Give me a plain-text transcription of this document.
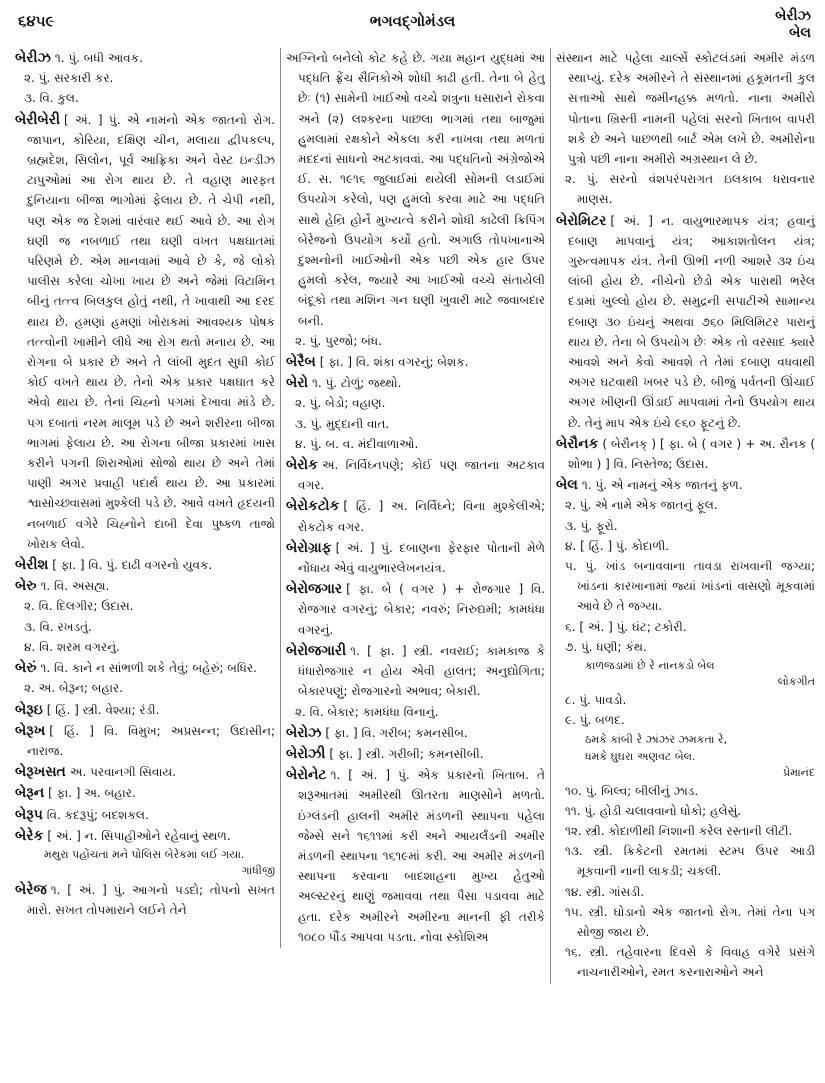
૬૪૫૯	ભગવદ્ગોમંડલ	બેરીઝ
બેલ
બેરીઝ ૧. પું. બધી આવક.
૨. પું. સરકારી કર.
૩. વિ. કુલ.
બેરીબેરી [ અં. ] પું. એ નામનો એક જાતનો રોગ. જાપાન, કોરિયા, દક્ષિણ ચીન, મલાયા દ્વીપકલ્પ, બ્રહ્મદેશ, સિલોન, પૂર્વ આફ્રિકા અને વેસ્ટ ઇન્ડીઝ ટાપુઓમાં આ રોગ થાય છે. તે વહાણ મારફત દુનિયાના બીજા ભાગોમાં ફેલાય છે. તે ચેપી નથી, પણ એક જ દેશમાં વારંવાર થઈ આવે છે. આ રોગ ઘણી જ નબળાઈ તથા ઘણી વખત પક્ષઘાતમાં પરિણમે છે. એમ માનવામાં આવે છે કે, જે લોકો પાલીસ કરેલા ચોખા ખાય છે અને જેમાં વિટામિન બીનું તત્ત્વ બિલકુલ હોતું નથી, તે ખાવાથી આ દરદ થાય છે. હમણાં હમણાં ખોરાકમાં આવશ્યક પોષક તત્ત્વોની ખામીને લીધે આ રોગ થતો મનાય છે. આ રોગના બે પ્રકાર છે અને તે લાંબી મુદત સુધી કોઈ કોઈ વખતે થાય છે. તેનો એક પ્રકાર પક્ષઘાત કરે એવો થાય છે. તેનાં ચિહ્નો પગમાં દેખાવા માંડે છે. પગ દબાતાં નરમ માલૂમ પડે છે અને શરીરના બીજા ભાગમાં ફેલાય છે. આ રોગના બીજા પ્રકારમાં ખાસ કરીને પગની શિરાઓમાં સોજો થાય છે અને તેમાં પાણી અગર પ્રવાહી પદાર્થ થાય છે. આ પ્રકારમાં શ્વાસોચ્છ્વાસમાં મુશ્કેલી પડે છે. આવે વખતે હૃદયની નબળાઈ વગેરે ચિહ્નોને દાબી દેવા પુષ્કળ તાજો ખોરાક લેવો.
બેરીશ [ ફા. ] વિ. પું. દાઢી વગરનો યુવક.
બેરુ ૧. વિ. અસહ્ય.
૨. વિ. દિલગીર; ઉદાસ.
૩. વિ. રખડતું.
૪. વિ. શરમ વગરનું.
બેરું ૧. વિ. કાને ન સાંભળી શકે તેવું; બહેરું; બધિર.
૨. અ. બેરૂન; બહાર.
બેરૂઇ [ હિં. ] સ્ત્રી. વેશ્યા; રંડી.
બેરૂખ [ હિં. ] વિ. વિમુખ; અપ્રસન્ન; ઉદાસીન; નારાજ.
બેરૂખસત અ. પરવાનગી સિવાય.
બેરૂન [ ફા. ] અ. બહાર.
બેરૂપ વિ. કદરૂપું; બદશકલ.
બેરેક [ અં. ] ન. સિપાહીઓને રહેવાનું સ્થળ.
મથુરા પહોંચતાં મને પોલિસ બેરેકમાં લઈ ગયા.
ગાંધીજી
બેરેજ ૧. [ અં. ] પું. આગનો પડદો; તોપનો સખત મારો. સખત તોપમારાને લઈને તેને
અગ્નિનો બનેલો કોટ કહે છે. ગયા મહાન યુદ્ધમાં આ પદ્ધતિ ફ્રેંચ સૈનિકોએ શોધી કાઢી હતી. તેના બે હેતુ છેઃ (૧) સામેની ખાઈઓ વચ્ચે શત્રુના ધસારાને રોકવા અને (૨) લશ્કરના પાછલા ભાગમાં તથા બાજુમાં હુમલામાં રક્ષકોને એકલા કરી નાખવા તથા મળતાં મદદનાં સાધનો અટકાવવાં. આ પદ્ધતિનો અંગ્રેજોએ ઈ. સ. ૧૯૧૬ જુલાઈમાં થયેલી સોમની લડાઈમાં ઉપયોગ કરેલો, પણ હુમલો કરવા માટે આ પદ્ધતિ સાથે હેન્રિ હોર્ને મુખ્યત્વે કરીને શોધી કાઢેલી ક્રિપિંગ બેરેજનો ઉપયોગ કર્યો હતો. અગાઉ તોપખાનાએ દુશ્મનોની ખાઈઓની એક પછી એક હાર ઉપર હુમલો કરેલ, જ્યારે આ ખાઈઓ વચ્ચે સંતાયેલી બંદૂકો તથા મશિન ગન ઘણી ખુવારી માટે જવાબદાર બની.
૨. પું. પુરજો; બંધ.
બેરૈબ [ ફા. ] વિ. શંકા વગરનું; બેશક.
બેરો ૧. પું. ટોળું; જથ્થો.
૨. પું. બેડો; વહાણ.
૩. પું. મુદ્દાની વાત.
૪. પું. બ. વ. મંદીવાળાઓ.
બેરોક અ. નિર્વિઘ્નપણે; કોઈ પણ જાતના અટકાવ વગર.
બેરોકટોક [ હિં. ] અ. નિર્વિઘ્ને; વિના મુશ્કેલીએ; રોકટોક વગર.
બેરોગ્રાફ [ અં. ] પું. દબાણના ફેરફાર પોતાની મેળે નોંધાય એવું વાયુભારલેખનયંત્ર.
બેરોજગાર [ ફા. બે ( વગર ) + રોજગાર ] વિ. રોજગાર વગરનું; બેકાર; નવરું; નિરુદ્યમી; કામધંધા વગરનું.
બેરોજગારી ૧. [ ફા. ] સ્ત્રી. નવરાઈ; કામકાજ કે ધંધારોજગાર ન હોય એવી હાલત; અનુદ્યોગિતા; બેકારપણું; રોજગારનો અભાવ; બેકારી.
૨. વિ. બેકાર; કામધંધા વિનાનું.
બેરોઝ [ ફા. ] વિ. ગરીબ; કમનસીબ.
બેરોઝી [ ફા. ] સ્ત્રી. ગરીબી; કમનસીબી.
બેરોનેટ ૧. [ અં. ] પું. એક પ્રકારનો ખિતાબ. તે શરૂઆતમાં અમીરથી ઊતરતા માણસોને મળતો. ઇંગ્લંડની હાલની અમીર મંડળની સ્થાપના પહેલા જેમ્સે સને ૧૬૧૧માં કરી અને આયર્લંડની અમીર મંડળની સ્થાપના ૧૬૧૯માં કરી. આ અમીર મંડળની સ્થાપના કરવાના બાદશાહના મુખ્ય હેતુઓ અલ્સ્ટરનું થાણું જમાવવા તથા પૈસા પડાવવા માટે હતા. દરેક અમીરને અમીરના માનની ફી તરીકે ૧૦૮૦ પૌંડ આપવા પડતા. નોવા સ્કોશિઅ
સંસ્થાન માટે પહેલા ચાર્લ્સે સ્કોટલંડમાં અમીર મંડળ સ્થાપ્યું. દરેક અમીરને તે સંસ્થાનમાં હકૂમતની કુલ સત્તાઓ સાથે જમીનહક્ક મળતો. નાના અમીરો પોતાના ખ્રિસ્તી નામની પહેલાં સરનો ખિતાબ વાપરી શકે છે અને પાછળથી બાર્ટ એમ લખે છે. અમીરોના પુત્રો પછી નાના અમીરો અગ્રસ્થાન લે છે.
૨. પું. સરનો વંશપરંપરાગત ઇલકાબ ધરાવનાર માણસ.
બેરોમિટર [ અં. ] ન. વાયુભારમાપક યંત્ર; હવાનું દબાણ માપવાનું યંત્ર; આકાશતોલન યંત્ર; ગુરુત્વમાપક યંત્ર. તેની ઊભી નળી આશરે ૩૨ ઇંચ લાંબી હોય છે. નીચેનો છેડો એક પારાથી ભરેલ દડામાં ખુલ્લો હોય છે. સમુદ્રની સપાટીએ સામાન્ય દબાણ ૩૦ ઇંચનું અથવા ૭૬૦ મિલિમિટર પારાનું થાય છે. તેના બે ઉપયોગ છેઃ એક તો વરસાદ ક્યારે આવશે અને કેવો આવશે તે તેમાં દબાણ વધવાથી અગર ઘટવાથી ખબર પડે છે. બીજું પર્વતની ઊંચાઈ અગર ખીણની ઊંડાઈ માપવામાં તેનો ઉપયોગ થાય છે. તેનું માપ એક ઇંચે ૯૬૦ ફૂટનું છે.
બેરૌનક ( બેરૌનક્ ) [ ફા. બે ( વગર ) + અ. રૌનક ( શોભા ) ] વિ. નિસ્તેજ; ઉદાસ.
બેલ ૧. પું. એ નામનું એક જાતનું ફળ.
૨. પું. એ નામે એક જાતનું ફૂલ.
૩. પું. ફૂરો.
૪. [ હિં. ] પું. કોદાળી.
૫. પું. ખાંડ બનાવવાના તાવડા રાખવાની જગ્યા; ખાંડના કારખાનામાં જ્યાં ખાંડનાં વાસણો મૂકવામાં આવે છે તે જગ્યા.
૬. [ અં. ] પું. ઘંટ; ટકોરી.
૭. પું. ધણી; કંથ.
કાળજડામાં છે રે નાનકડો બેલ
લોકગીત
૮. પું. પાવડો.
૯. પું. બળદ.
ઠમકે કાંબી રે ઝાંઝર ઝમકતા રે,
ધમકે ઘુઘરા અણવટ બેલ.
પ્રેમાનંદ
૧૦. પું. બિલ્વ; બીલીનું ઝાડ.
૧૧. પું. હોડી ચલાવવાનો ધોકો; હલેસું.
૧૨. સ્ત્રી. કોદાળીથી નિશાની કરેલ રસ્તાની લીટી.
૧૩. સ્ત્રી. ક્રિકેટની રમતમાં સ્ટમ્પ ઉપર આડી મૂકવાની નાની લાકડી; ચકલી.
૧૪. સ્ત્રી. ગાંસડી.
૧૫. સ્ત્રી. ઘોડાનો એક જાતનો રોગ. તેમાં તેના પગ સોજી જાય છે.
૧૬. સ્ત્રી. તહેવારના દિવસે કે વિવાહ વગેરે પ્રસંગે નાચનારીઓને, રમત કરનારાઓને અને
